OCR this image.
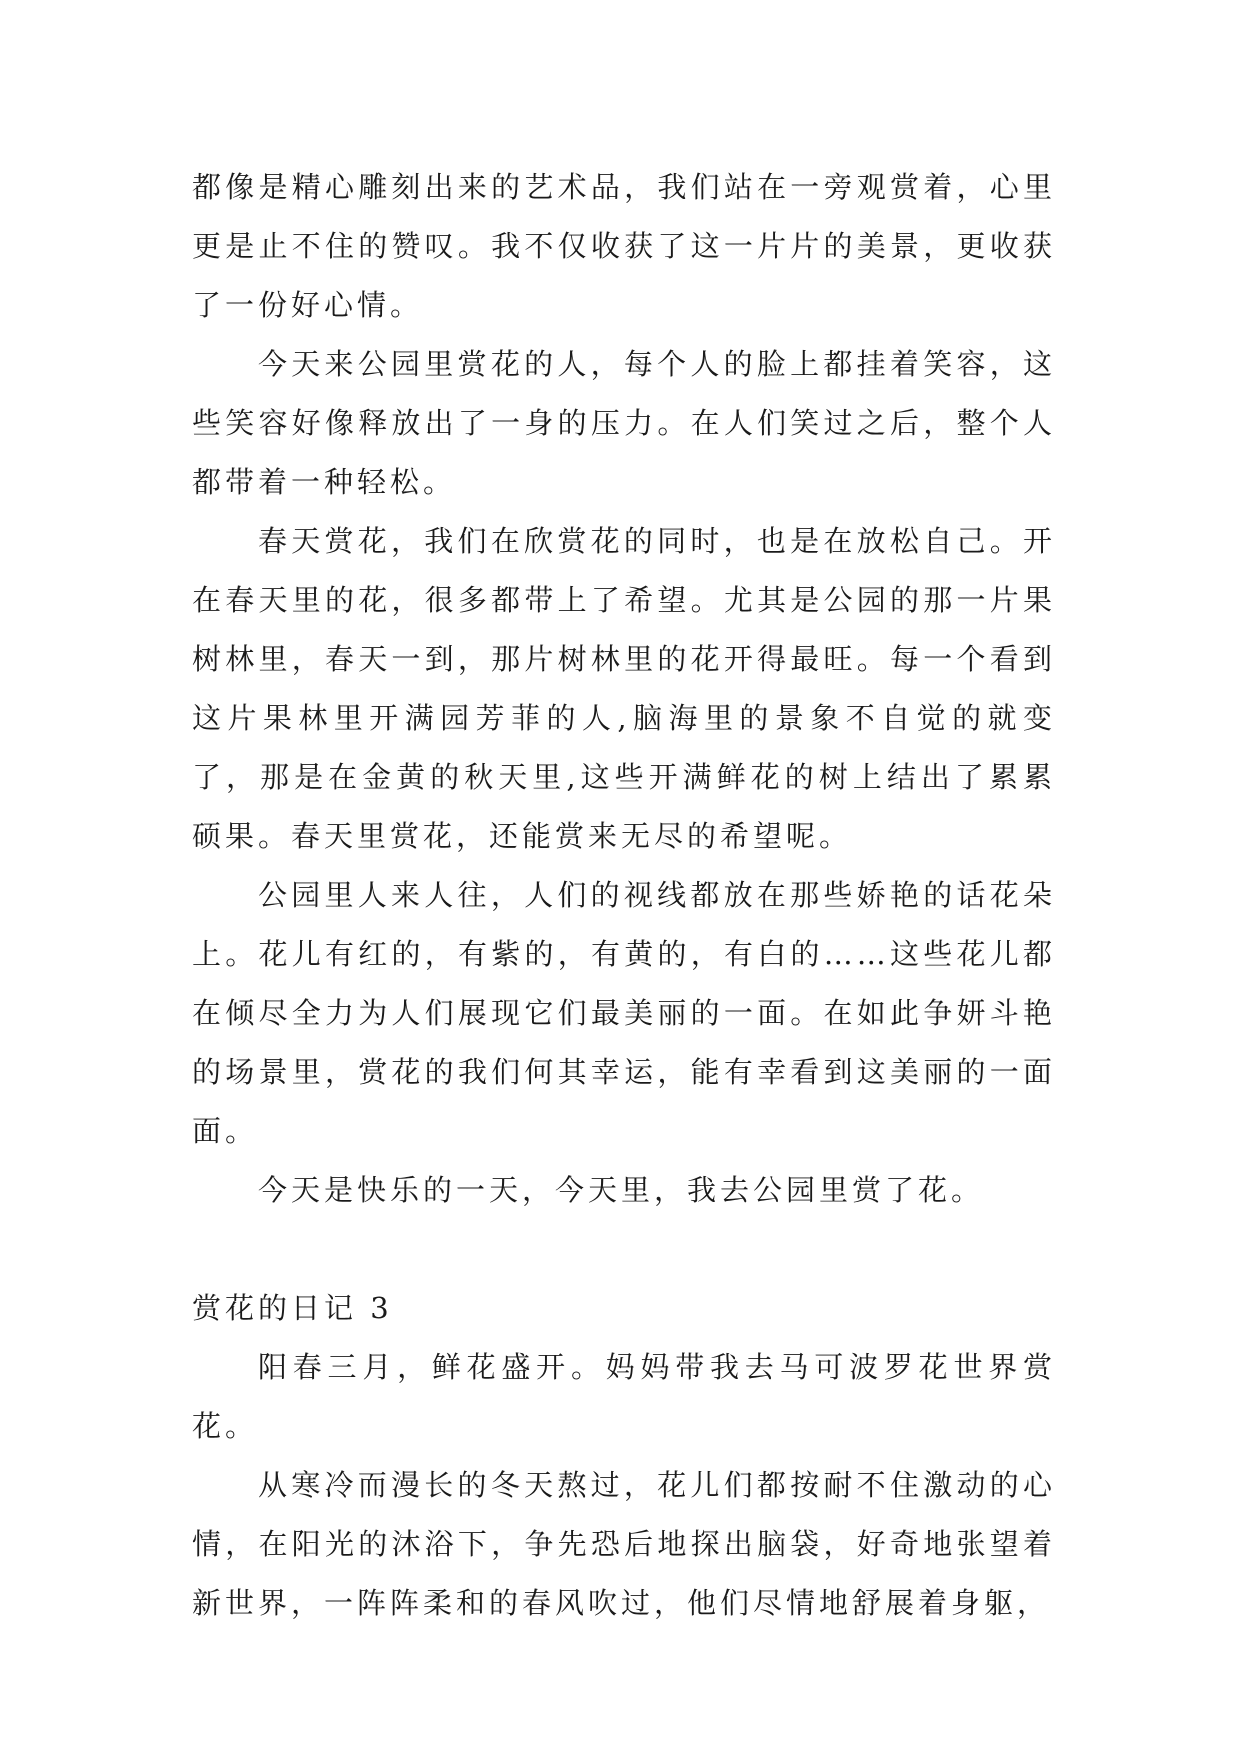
都像是精心雕刻出来的艺术品，我们站在一旁观赏着，心里更是止不住的赞叹。我不仅收获了这一片片的美景，更收获了一份好心情。

今天来公园里赏花的人，每个人的脸上都挂着笑容，这些笑容好像释放出了一身的压力。在人们笑过之后，整个人都带着一种轻松。

春天赏花，我们在欣赏花的同时，也是在放松自己。开在春天里的花，很多都带上了希望。尤其是公园的那一片果树林里，春天一到，那片树林里的花开得最旺。每一个看到这片果林里开满园芳菲的人,脑海里的景象不自觉的就变了，那是在金黄的秋天里,这些开满鲜花的树上结出了累累硕果。春天里赏花，还能赏来无尽的希望呢。

公园里人来人往，人们的视线都放在那些娇艳的话花朵上。花儿有红的，有紫的，有黄的，有白的……这些花儿都在倾尽全力为人们展现它们最美丽的一面。在如此争妍斗艳的场景里，赏花的我们何其幸运，能有幸看到这美丽的一面面。

今天是快乐的一天，今天里，我去公园里赏了花。

赏花的日记 3

阳春三月，鲜花盛开。妈妈带我去马可波罗花世界赏花。

从寒冷而漫长的冬天熬过，花儿们都按耐不住激动的心情，在阳光的沐浴下，争先恐后地探出脑袋，好奇地张望着新世界，一阵阵柔和的春风吹过，他们尽情地舒展着身躯，
